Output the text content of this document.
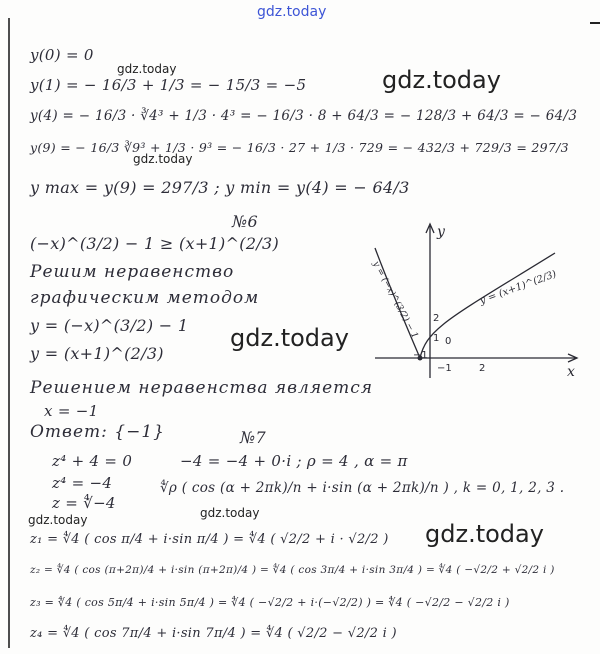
gdz.today
gdz.today
gdz.today
gdz.today
gdz.today
gdz.today
gdz.today	gdz.today
y(0) = 0
y(1) = − 16/3 + 1/3 = − 15/3 = −5
y(4) = − 16/3 · ∛4³ + 1/3 · 4³ = − 16/3 · 8 + 64/3 = − 128/3 + 64/3 = − 64/3
y(9) = − 16/3 ∛9³ + 1/3 · 9³ = − 16/3 · 27 + 1/3 · 729 = − 432/3 + 729/3 = 297/3
y max = y(9) = 297/3 ; y min = y(4) = − 64/3
№6
(−x)^(3/2) − 1 ≥ (x+1)^(2/3)
Решим неравенство
графическим методом
y = (−x)^(3/2) − 1
y = (x+1)^(2/3)
Решением неравенства является
x = −1
Ответ: {−1}
y
x
2
1
−1
−1	2
0
y = (−x)^(3/2) − 1	y = (x+1)^(2/3)
№7
z⁴ + 4 = 0
z⁴ = −4
z = ∜−4
−4 = −4 + 0·i ; ρ = 4 , α = π
∜ρ ( cos (α + 2πk)/n + i·sin (α + 2πk)/n ) , k = 0, 1, 2, 3 .
z₁ = ∜4 ( cos π/4 + i·sin π/4 ) = ∜4 ( √2/2 + i · √2/2 )
z₂ = ∜4 ( cos (π+2π)/4 + i·sin (π+2π)/4 ) = ∜4 ( cos 3π/4 + i·sin 3π/4 ) = ∜4 ( −√2/2 + √2/2 i )
z₃ = ∜4 ( cos 5π/4 + i·sin 5π/4 ) = ∜4 ( −√2/2 + i·(−√2/2) ) = ∜4 ( −√2/2 − √2/2 i )
z₄ = ∜4 ( cos 7π/4 + i·sin 7π/4 ) = ∜4 ( √2/2 − √2/2 i )
